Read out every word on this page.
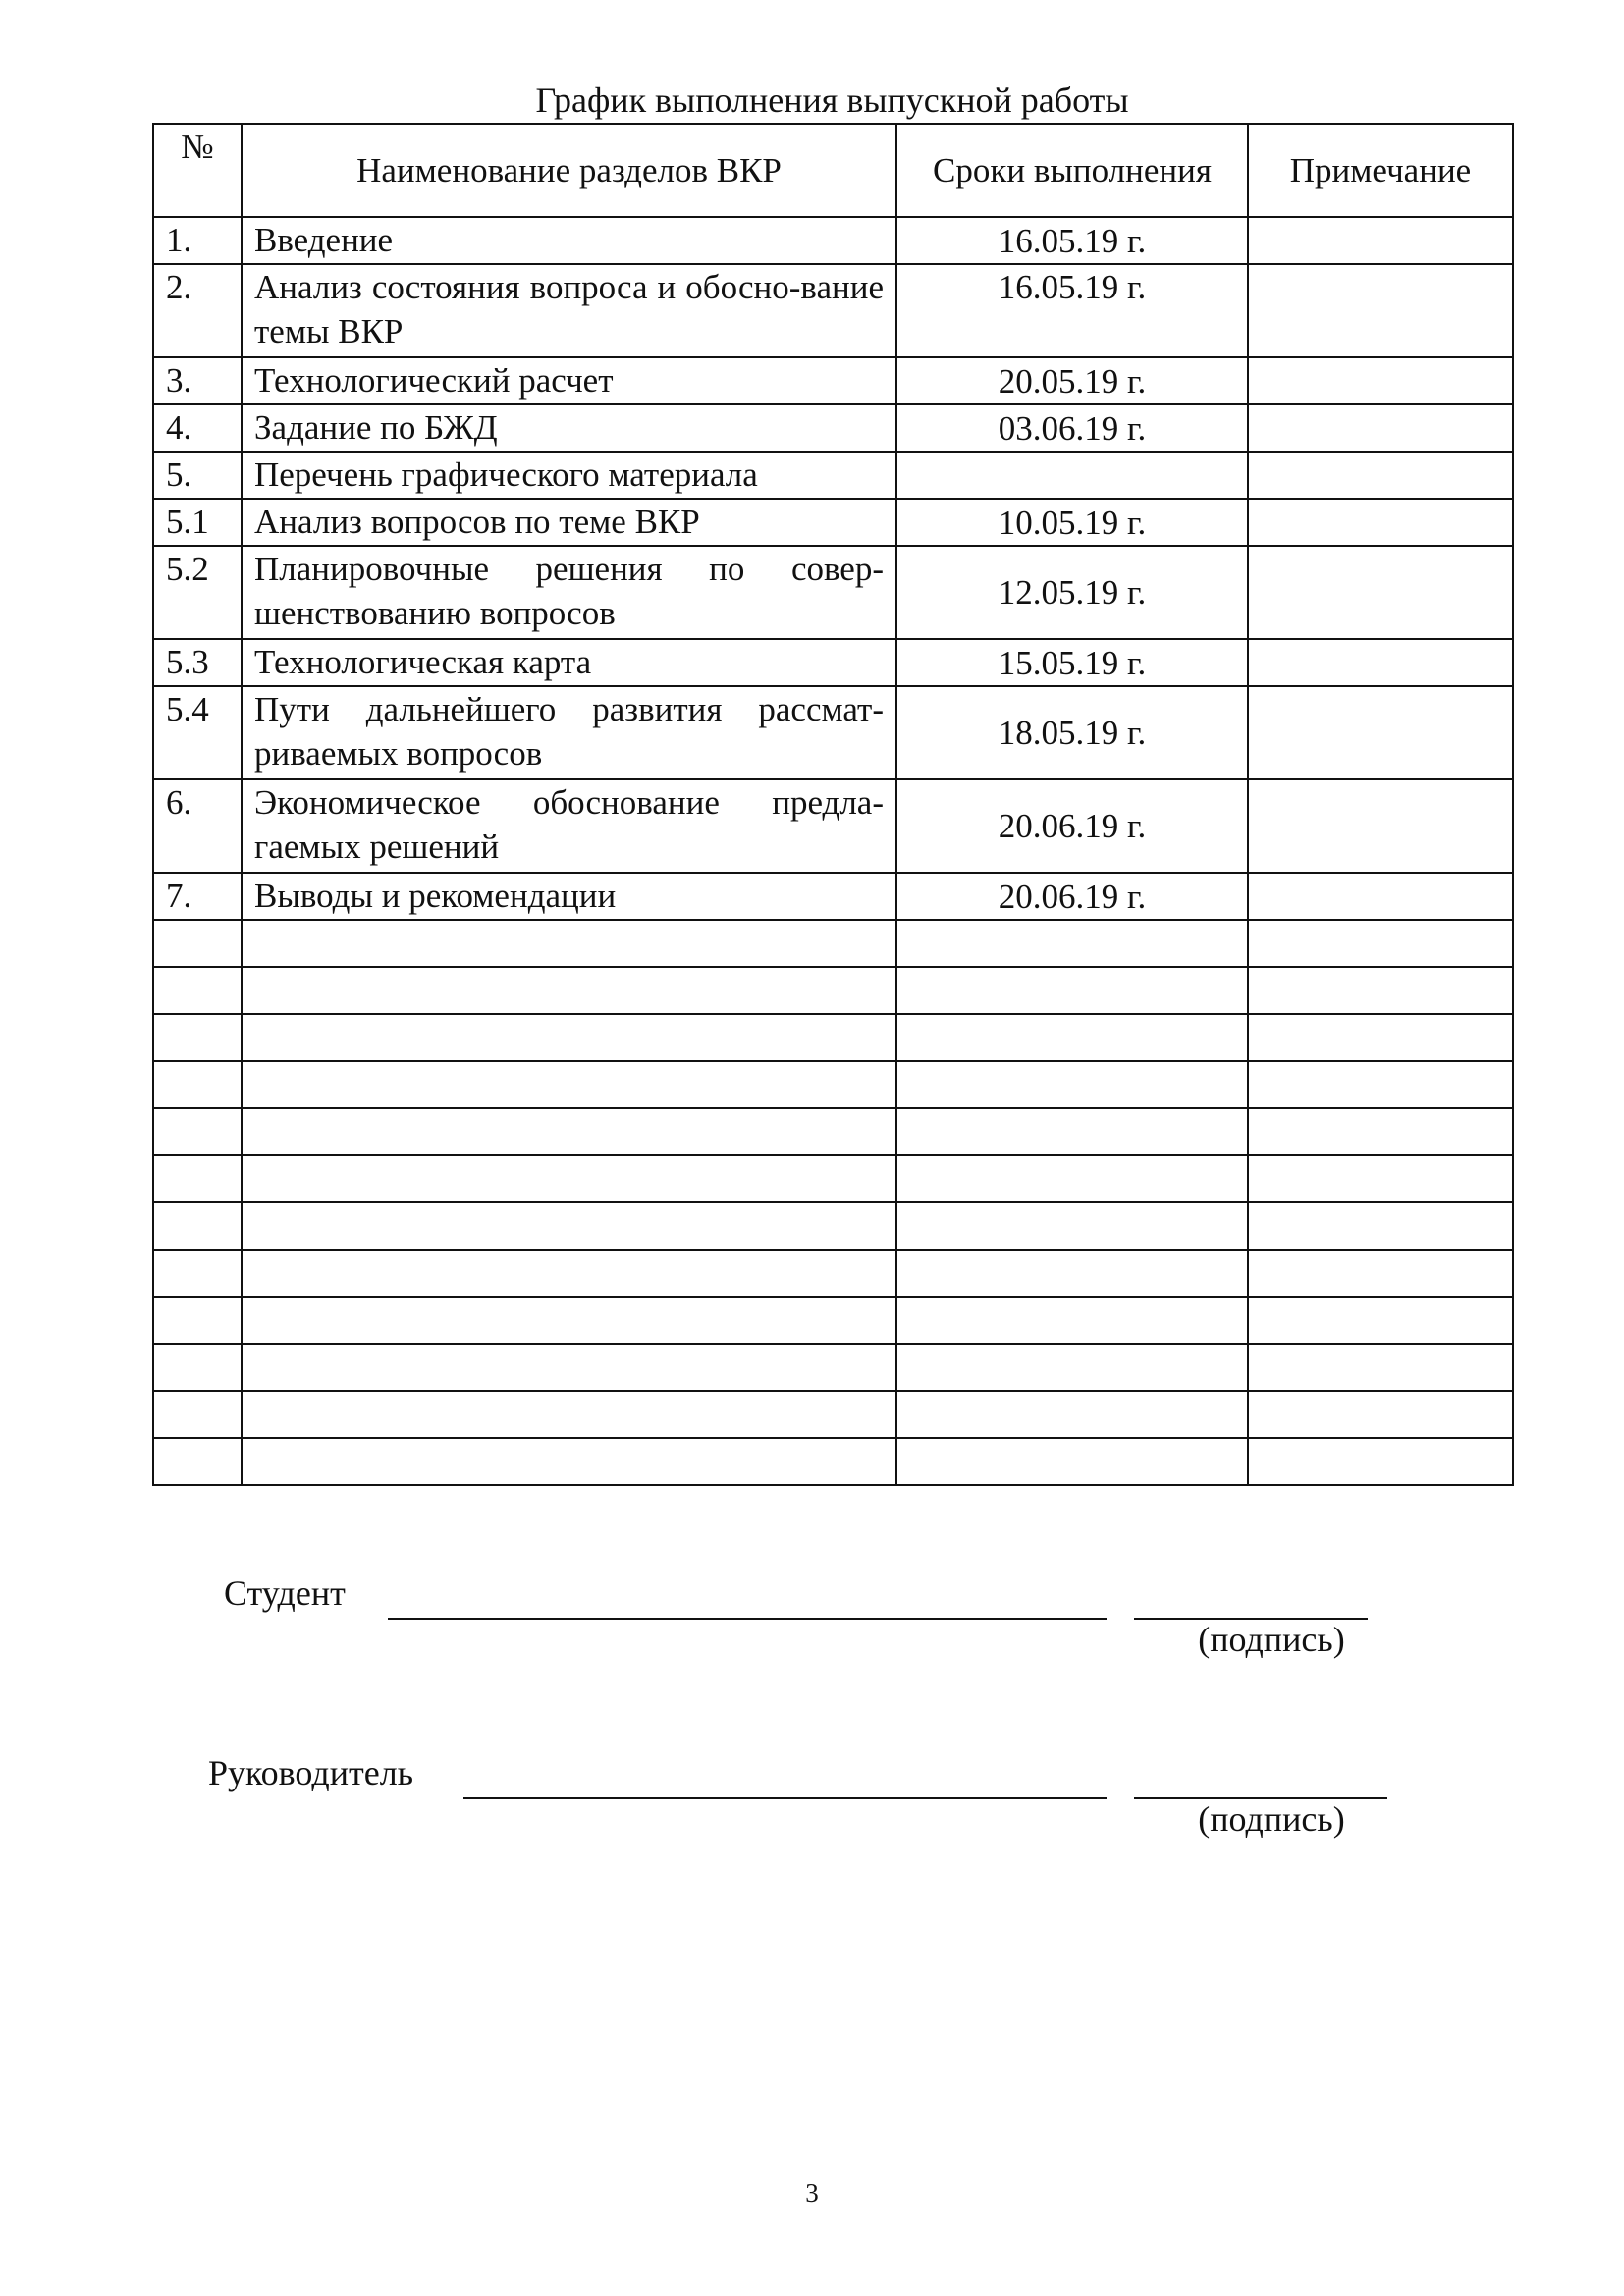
График выполнения выпускной работы
№	Наименование разделов ВКР	Сроки выполнения	Примечание
1.	Введение	16.05.19 г.	
2.	Анализ состояния вопроса и обосно-вание темы ВКР	16.05.19 г.	
3.	Технологический расчет	20.05.19 г.	
4.	Задание по БЖД	03.06.19 г.	
5.	Перечень графического материала		
5.1	Анализ вопросов по теме ВКР	10.05.19 г.	
5.2	Планировочные решения по совер-шенствованию вопросов	12.05.19 г.	
5.3	Технологическая карта	15.05.19 г.	
5.4	Пути дальнейшего развития рассмат-риваемых вопросов	18.05.19 г.	
6.	Экономическое обоснование предла-гаемых решений	20.06.19 г.	
7.	Выводы и рекомендации	20.06.19 г.	

Студент
(подпись)
Руководитель
(подпись)
3
